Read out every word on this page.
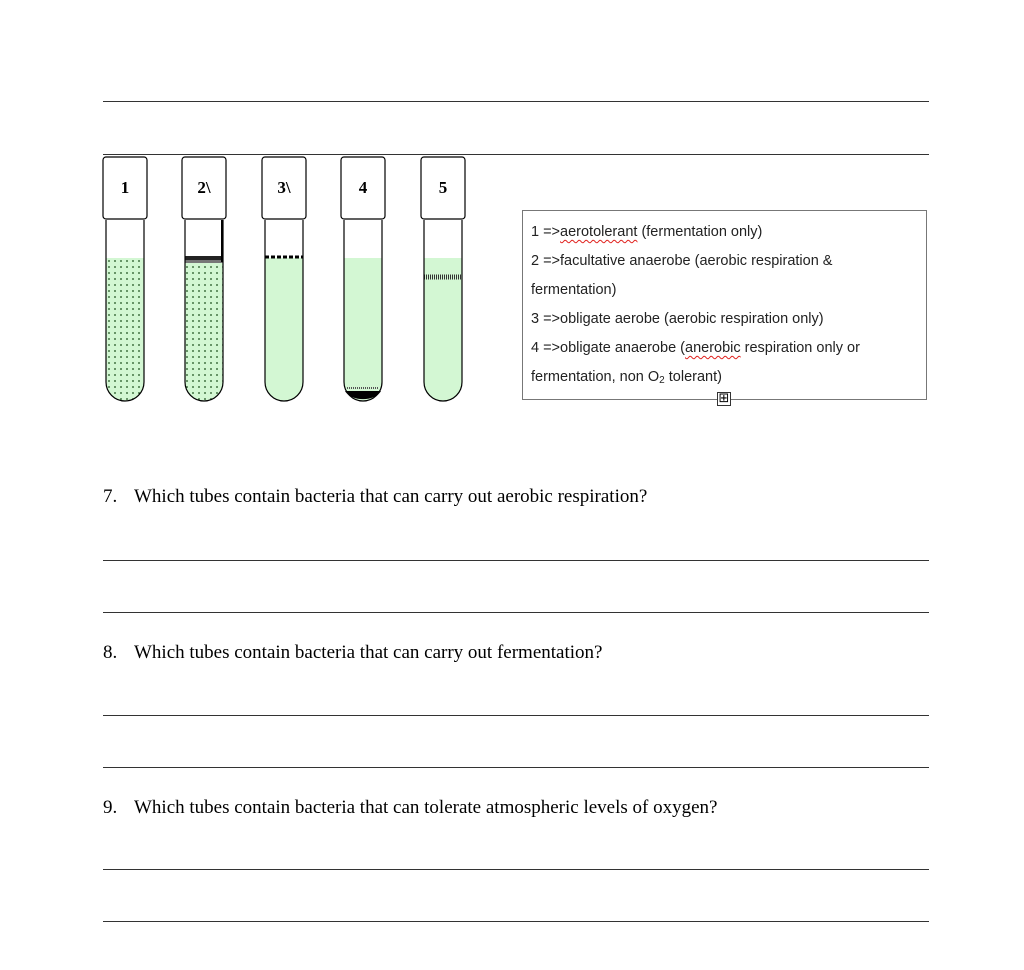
1	2\	3\	4	5
1 =>aerotolerant (fermentation only)
2 =>facultative anaerobe (aerobic respiration &
fermentation)
3 =>obligate aerobe (aerobic respiration only)
4 =>obligate anaerobe (anerobic respiration only or
fermentation, non $O_2$ tolerant)
⊞
7. Which tubes contain bacteria that can carry out aerobic respiration?
8. Which tubes contain bacteria that can carry out fermentation?
9. Which tubes contain bacteria that can tolerate atmospheric levels of oxygen?
